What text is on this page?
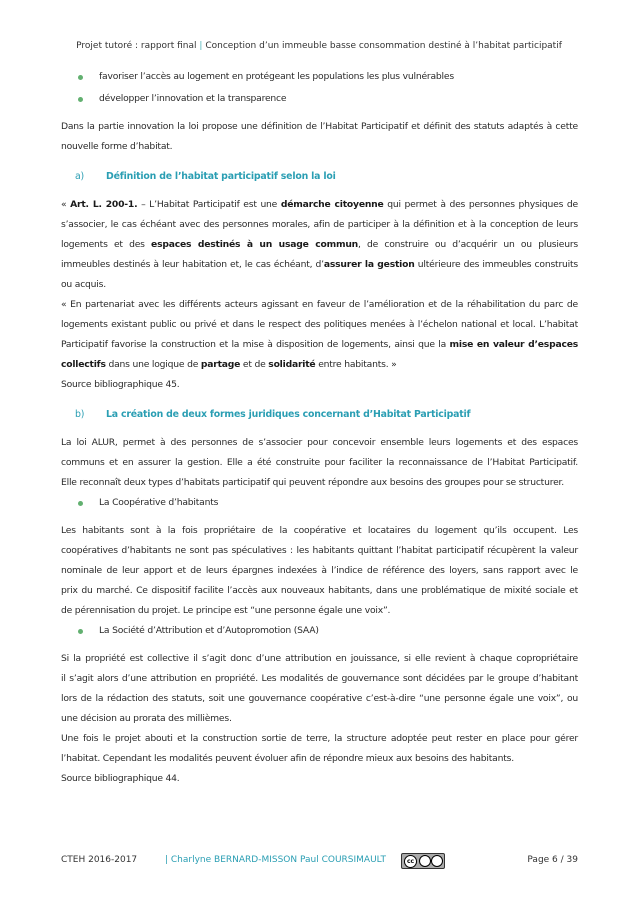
Projet tutoré : rapport final | Conception d’un immeuble basse consommation destiné à l’habitat participatif
favoriser l’accès au logement en protégeant les populations les plus vulnérables
développer l’innovation et la transparence
Dans la partie innovation la loi propose une définition de l’Habitat Participatif et définit des statuts adaptés à cette
nouvelle forme d’habitat.
a) Définition de l’habitat participatif selon la loi
« Art. L. 200-1. – L’Habitat Participatif est une démarche citoyenne qui permet à des personnes physiques de
s’associer, le cas échéant avec des personnes morales, afin de participer à la définition et à la conception de leurs
logements et des espaces destinés à un usage commun, de construire ou d’acquérir un ou plusieurs
immeubles destinés à leur habitation et, le cas échéant, d’assurer la gestion ultérieure des immeubles construits
ou acquis.
« En partenariat avec les différents acteurs agissant en faveur de l’amélioration et de la réhabilitation du parc de
logements existant public ou privé et dans le respect des politiques menées à l’échelon national et local. L’habitat
Participatif favorise la construction et la mise à disposition de logements, ainsi que la mise en valeur d’espaces
collectifs dans une logique de partage et de solidarité entre habitants. »
Source bibliographique 45.
b) La création de deux formes juridiques concernant d’Habitat Participatif
La loi ALUR, permet à des personnes de s’associer pour concevoir ensemble leurs logements et des espaces
communs et en assurer la gestion. Elle a été construite pour faciliter la reconnaissance de l’Habitat Participatif.
Elle reconnaît deux types d’habitats participatif qui peuvent répondre aux besoins des groupes pour se structurer.
La Coopérative d’habitants
Les habitants sont à la fois propriétaire de la coopérative et locataires du logement qu’ils occupent. Les
coopératives d’habitants ne sont pas spéculatives : les habitants quittant l’habitat participatif récupèrent la valeur
nominale de leur apport et de leurs épargnes indexées à l’indice de référence des loyers, sans rapport avec le
prix du marché. Ce dispositif facilite l’accès aux nouveaux habitants, dans une problématique de mixité sociale et
de pérennisation du projet. Le principe est “une personne égale une voix”.
La Société d’Attribution et d’Autopromotion (SAA)
Si la propriété est collective il s’agit donc d’une attribution en jouissance, si elle revient à chaque copropriétaire
il s’agit alors d’une attribution en propriété. Les modalités de gouvernance sont décidées par le groupe d’habitant
lors de la rédaction des statuts, soit une gouvernance coopérative c’est-à-dire “une personne égale une voix”, ou
une décision au prorata des millièmes.
Une fois le projet abouti et la construction sortie de terre, la structure adoptée peut rester en place pour gérer
l’habitat. Cependant les modalités peuvent évoluer afin de répondre mieux aux besoins des habitants.
Source bibliographique 44.
CTEH 2016-2017	| Charlyne BERNARD-MISSON Paul COURSIMAULT	cc	Page 6 / 39
